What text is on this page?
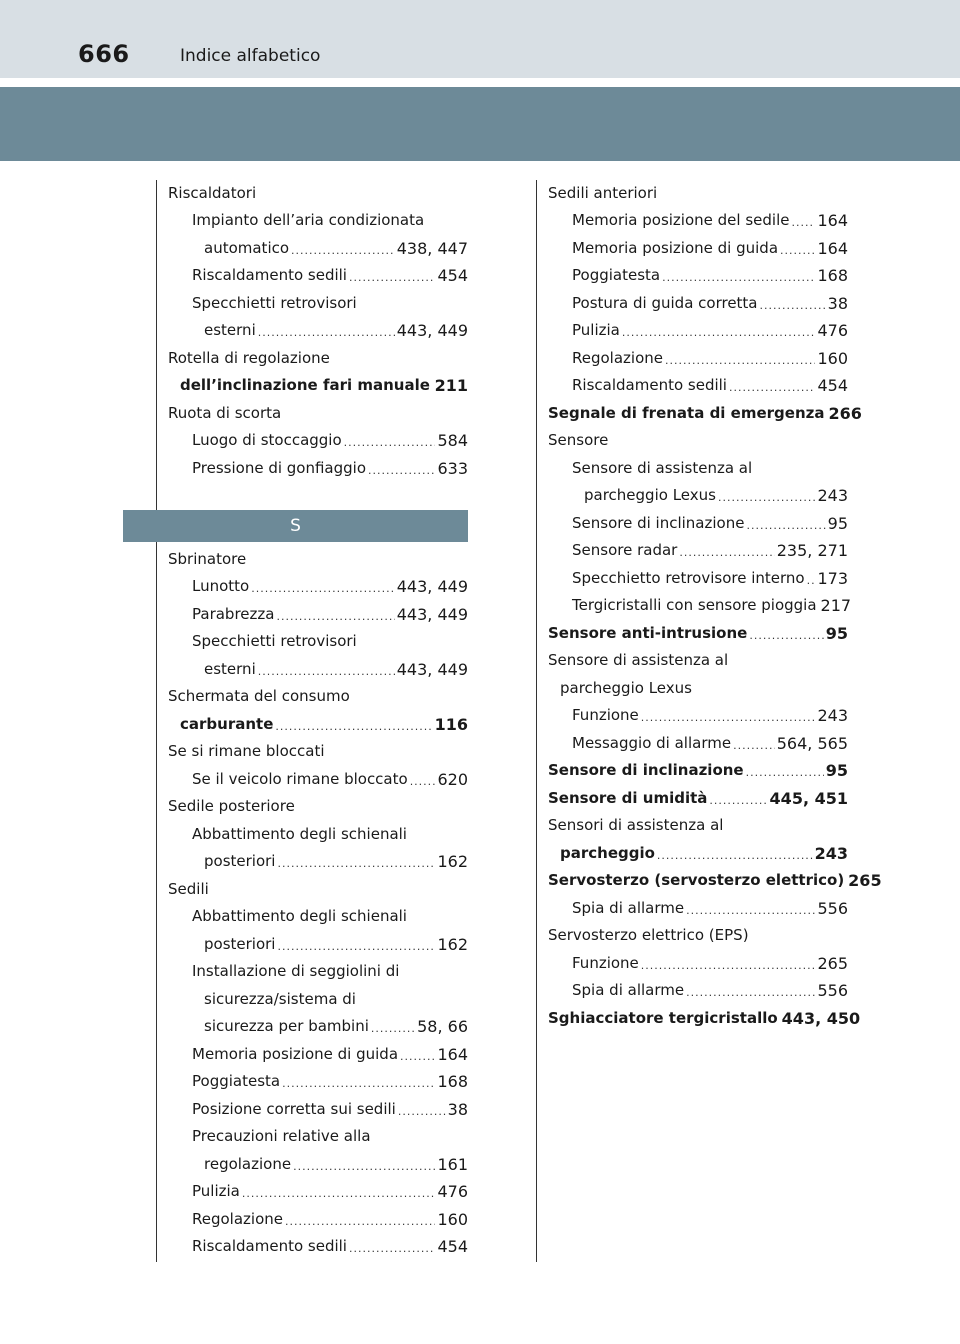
666	Indice alfabetico
Riscaldatori
Impianto dell’aria condizionata
automatico .....	438, 447
Riscaldamento sedili .....	454
Specchietti retrovisori
esterni .....	443, 449
Rotella di regolazione
dell’inclinazione fari manuale ..... 211
Ruota di scorta
Luogo di stoccaggio .....	584
Pressione di gonfiaggio .....	633
S
Sbrinatore
Lunotto .....	443, 449
Parabrezza .....	443, 449
Specchietti retrovisori
esterni .....	443, 449
Schermata del consumo
carburante .....	116
Se si rimane bloccati
Se il veicolo rimane bloccato ..... 620
Sedile posteriore
Abbattimento degli schienali
posteriori .....	162
Sedili
Abbattimento degli schienali
posteriori .....	162
Installazione di seggiolini di
sicurezza/sistema di
sicurezza per bambini .....	58, 66
Memoria posizione di guida ..... 164
Poggiatesta .....	168
Posizione corretta sui sedili .....	38
Precauzioni relative alla
regolazione .....	161
Pulizia .....	476
Regolazione .....	160
Riscaldamento sedili .....	454
Sedili anteriori
Memoria posizione del sedile ..... 164
Memoria posizione di guida ..... 164
Poggiatesta .....	168
Postura di guida corretta .....	38
Pulizia .....	476
Regolazione .....	160
Riscaldamento sedili .....	454
Segnale di frenata di emergenza 266
Sensore
Sensore di assistenza al
parcheggio Lexus .....	243
Sensore di inclinazione .....	95
Sensore radar .....	235, 271
Specchietto retrovisore interno ..... 173
Tergicristalli con sensore pioggia 217
Sensore anti-intrusione .....	95
Sensore di assistenza al
parcheggio Lexus
Funzione .....	243
Messaggio di allarme .....	564, 565
Sensore di inclinazione .....	95
Sensore di umidità .....	445, 451
Sensori di assistenza al
parcheggio .....	243
Servosterzo (servosterzo elettrico) 265
Spia di allarme .....	556
Servosterzo elettrico (EPS)
Funzione .....	265
Spia di allarme .....	556
Sghiacciatore tergicristallo 443, 450
